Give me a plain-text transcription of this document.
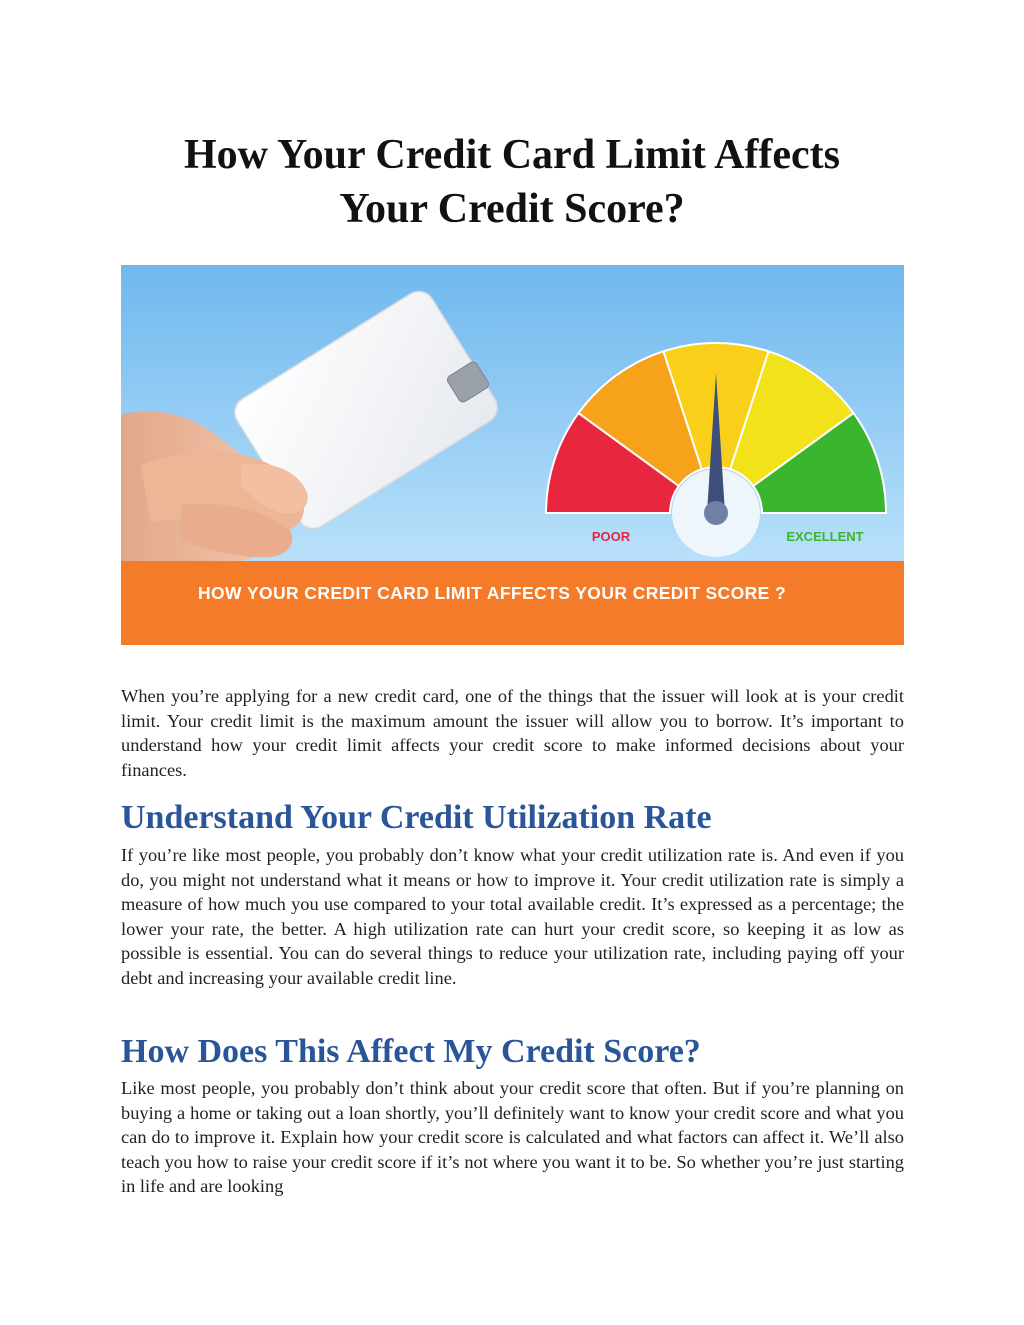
How Your Credit Card Limit Affects
Your Credit Score?
POOR	EXCELLENT
HOW YOUR CREDIT CARD LIMIT AFFECTS YOUR CREDIT SCORE ?
When you’re applying for a new credit card, one of the things that the issuer will look at is your credit limit. Your credit limit is the maximum amount the issuer will allow you to borrow. It’s important to understand how your credit limit affects your credit score to make informed decisions about your finances.
Understand Your Credit Utilization Rate
If you’re like most people, you probably don’t know what your credit utilization rate is. And even if you do, you might not understand what it means or how to improve it. Your credit utilization rate is simply a measure of how much you use compared to your total available credit. It’s expressed as a percentage; the lower your rate, the better. A high utilization rate can hurt your credit score, so keeping it as low as possible is essential. You can do several things to reduce your utilization rate, including paying off your debt and increasing your available credit line.
How Does This Affect My Credit Score?
Like most people, you probably don’t think about your credit score that often. But if you’re planning on buying a home or taking out a loan shortly, you’ll definitely want to know your credit score and what you can do to improve it. Explain how your credit score is calculated and what factors can affect it. We’ll also teach you how to raise your credit score if it’s not where you want it to be. So whether you’re just starting in life and are looking
